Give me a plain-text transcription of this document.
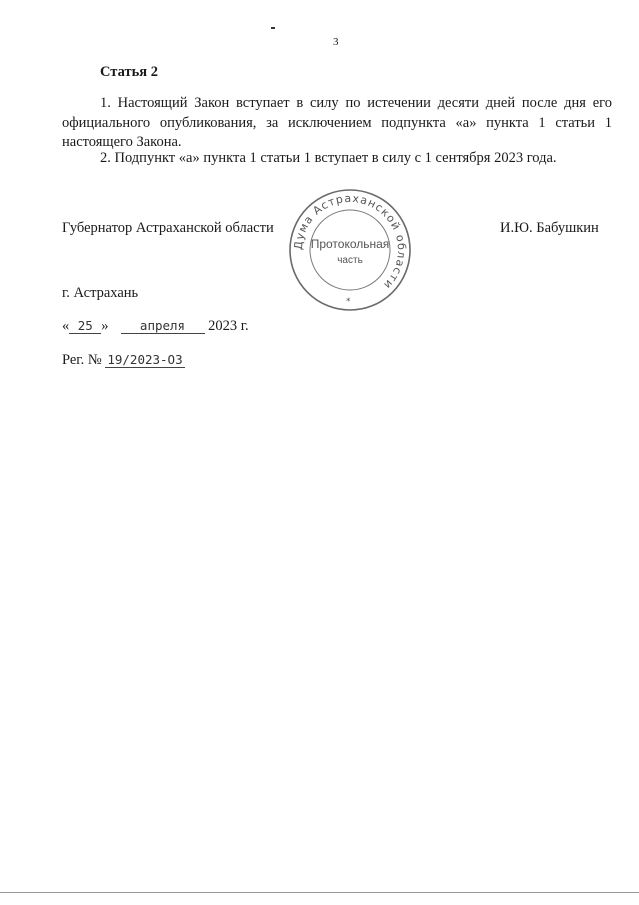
3
Статья 2
1. Настоящий Закон вступает в силу по истечении десяти дней после дня его официального опубликования, за исключением подпункта «а» пункта 1 статьи 1 настоящего Закона.
2. Подпункт «а» пункта 1 статьи 1 вступает в силу с 1 сентября 2023 года.
Губернатор Астраханской области	И.Ю. Бабушкин
Дума Астраханской области
Протокольная
часть
*
г. Астрахань
« 25 »	апреля 2023 г.
Рег. № 19/2023-ОЗ
